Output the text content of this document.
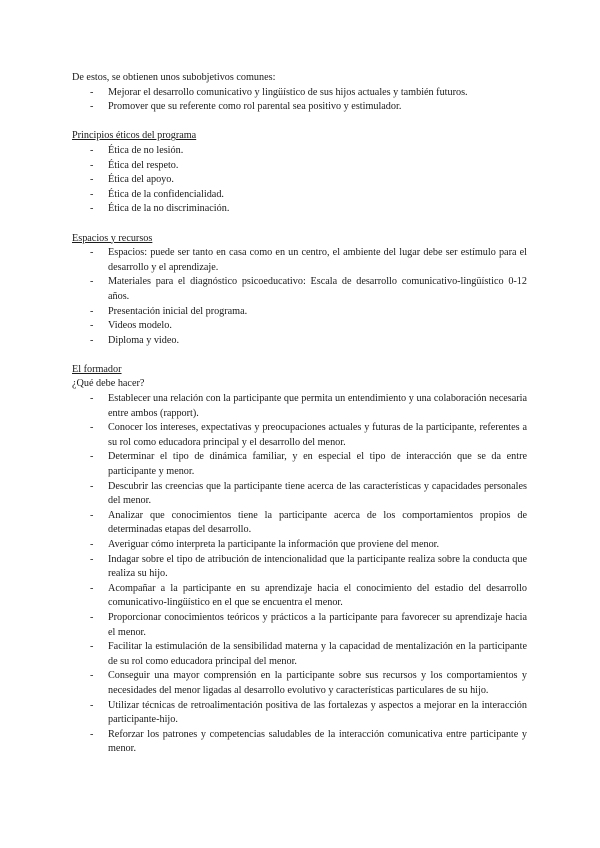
De estos, se obtienen unos subobjetivos comunes:

- Mejorar el desarrollo comunicativo y lingüístico de sus hijos actuales y también futuros.
- Promover que su referente como rol parental sea positivo y estimulador.

Principios éticos del programa

- Ética de no lesión.
- Ética del respeto.
- Ética del apoyo.
- Ética de la confidencialidad.
- Ética de la no discriminación.

Espacios y recursos

- Espacios: puede ser tanto en casa como en un centro, el ambiente del lugar debe ser estímulo para el desarrollo y el aprendizaje.
- Materiales para el diagnóstico psicoeducativo: Escala de desarrollo comunicativo-lingüístico 0-12 años.
- Presentación inicial del programa.
- Videos modelo.
- Diploma y video.

El formador

¿Qué debe hacer?

- Establecer una relación con la participante que permita un entendimiento y una colaboración necesaria entre ambos (rapport).
- Conocer los intereses, expectativas y preocupaciones actuales y futuras de la participante, referentes a su rol como educadora principal y el desarrollo del menor.
- Determinar el tipo de dinámica familiar, y en especial el tipo de interacción que se da entre participante y menor.
- Descubrir las creencias que la participante tiene acerca de las características y capacidades personales del menor.
- Analizar que conocimientos tiene la participante acerca de los comportamientos propios de determinadas etapas del desarrollo.
- Averiguar cómo interpreta la participante la información que proviene del menor.
- Indagar sobre el tipo de atribución de intencionalidad que la participante realiza sobre la conducta que realiza su hijo.
- Acompañar a la participante en su aprendizaje hacia el conocimiento del estadio del desarrollo comunicativo-lingüístico en el que se encuentra el menor.
- Proporcionar conocimientos teóricos y prácticos a la participante para favorecer su aprendizaje hacia el menor.
- Facilitar la estimulación de la sensibilidad materna y la capacidad de mentalización en la participante de su rol como educadora principal del menor.
- Conseguir una mayor comprensión en la participante sobre sus recursos y los comportamientos y necesidades del menor ligadas al desarrollo evolutivo y características particulares de su hijo.
- Utilizar técnicas de retroalimentación positiva de las fortalezas y aspectos a mejorar en la interacción participante-hijo.
- Reforzar los patrones y competencias saludables de la interacción comunicativa entre participante y menor.
